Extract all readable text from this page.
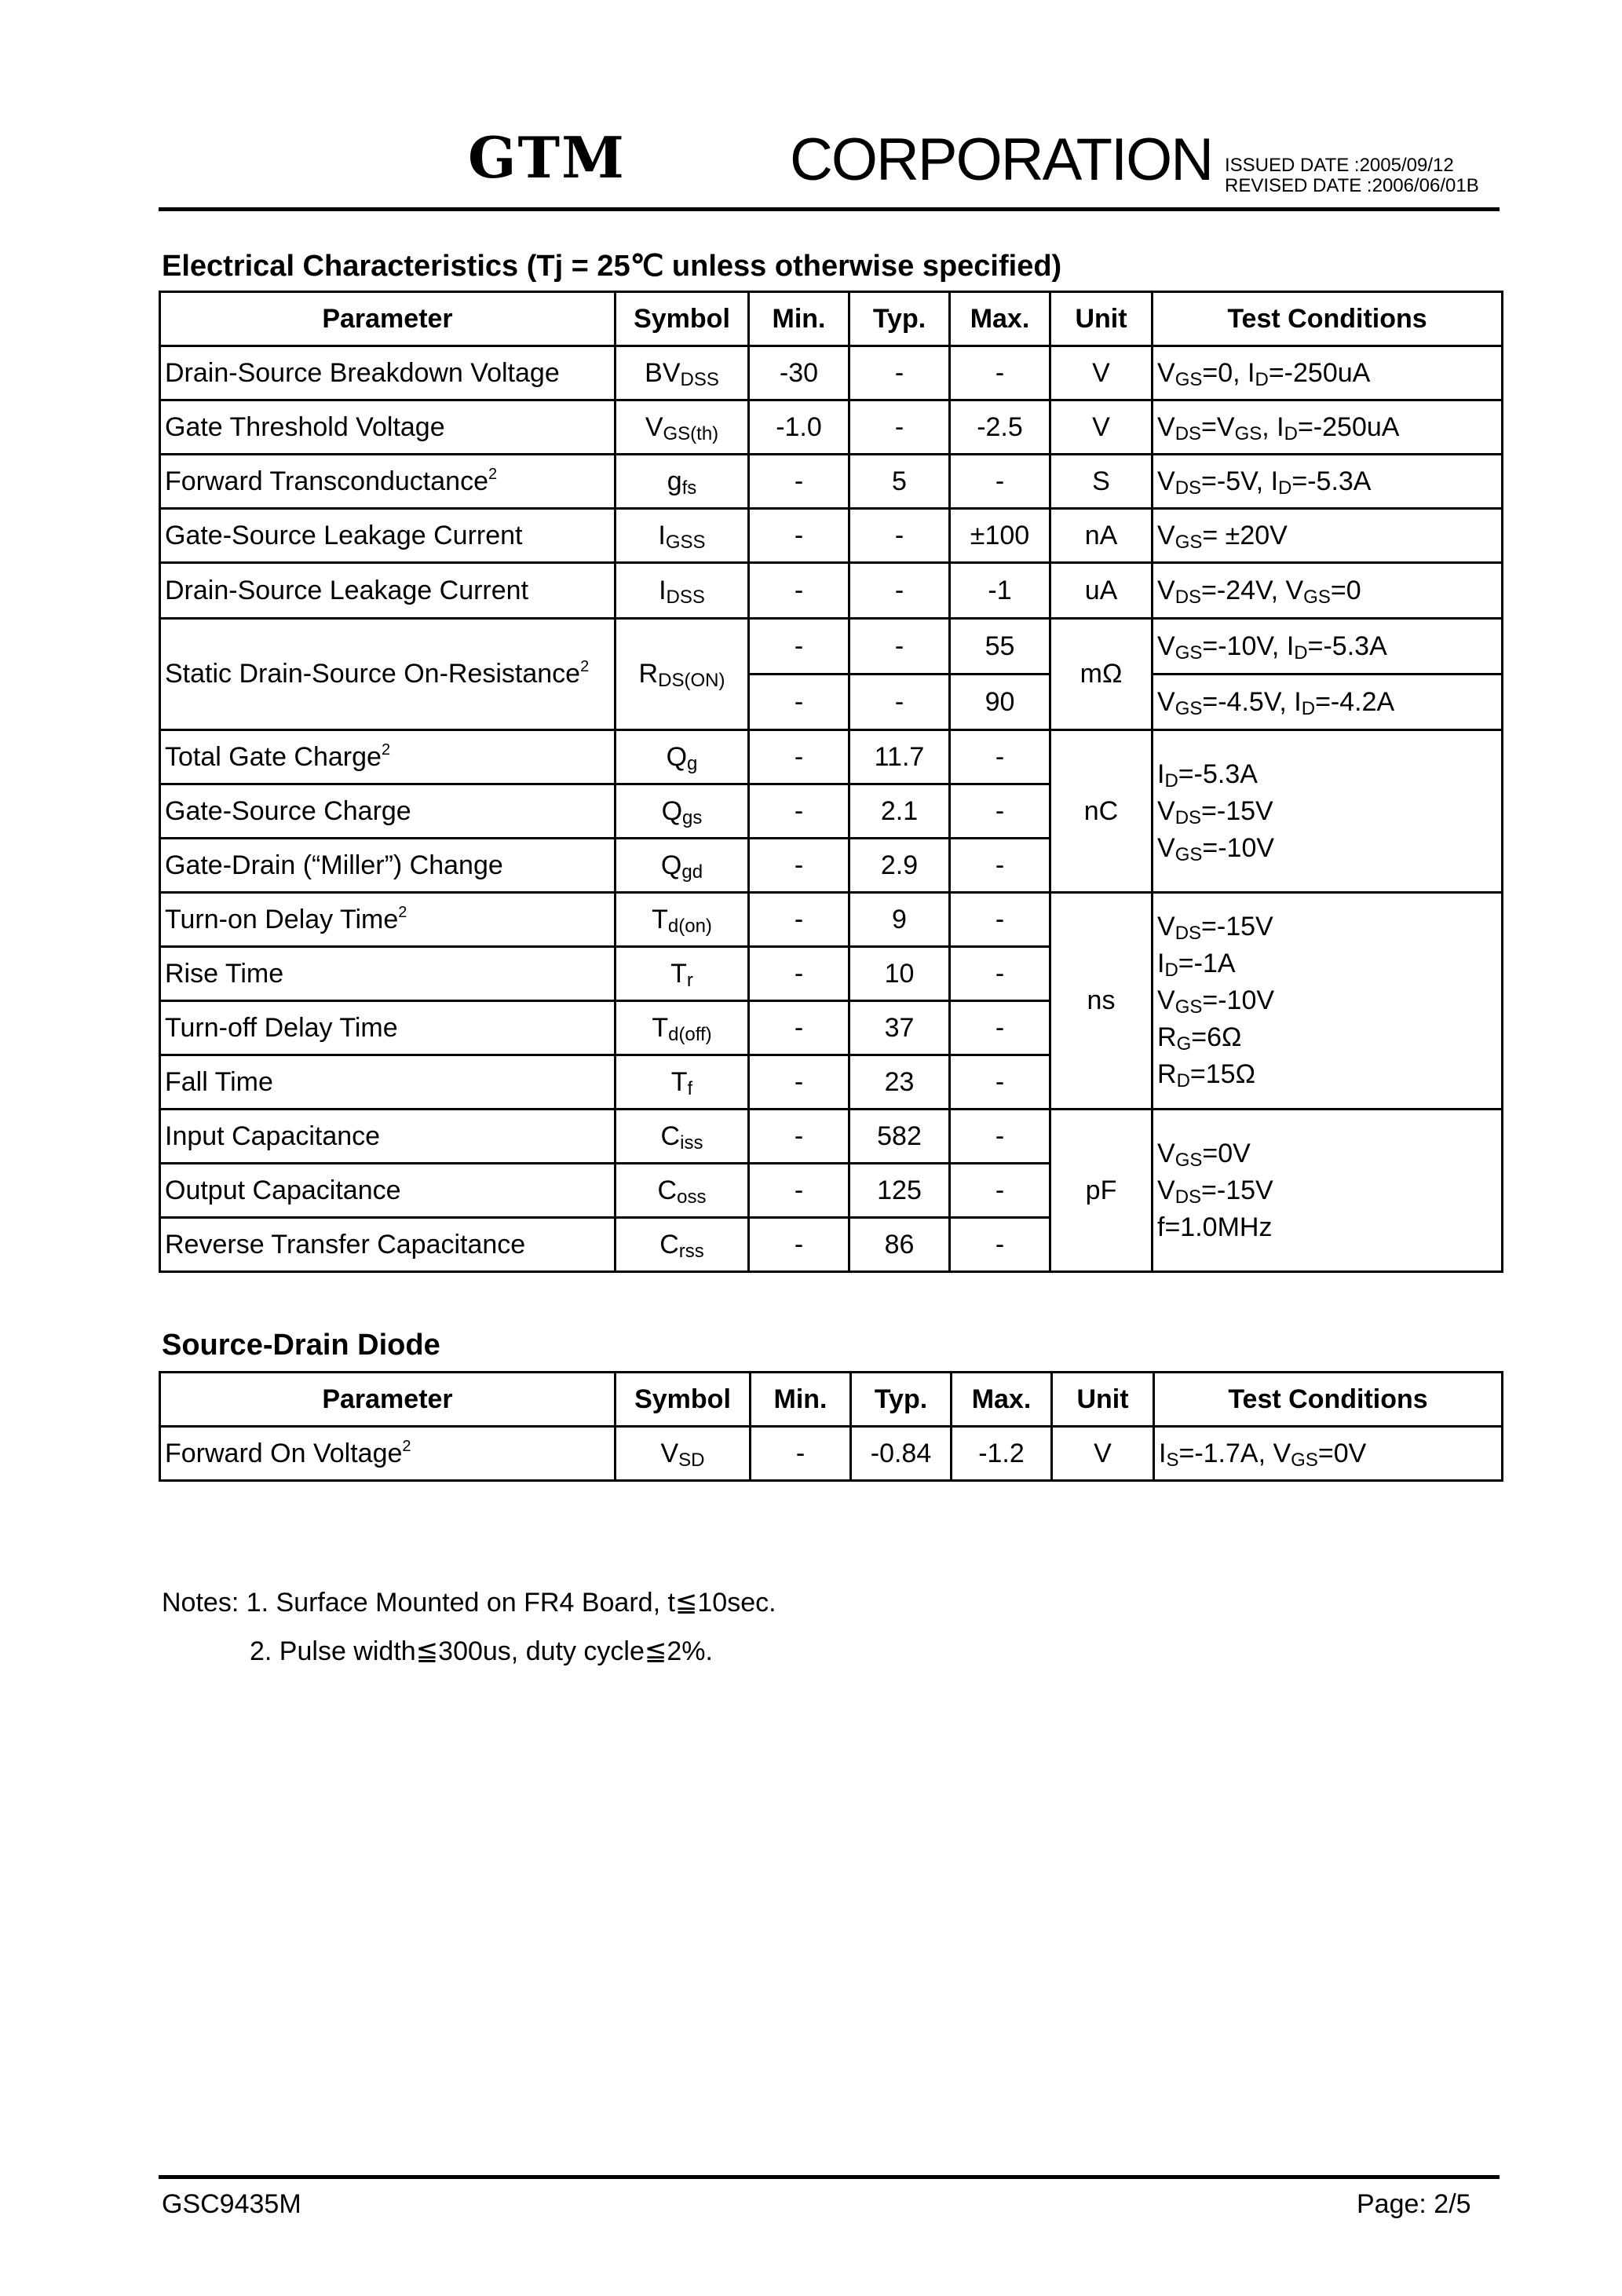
GTM	CORPORATION ISSUED DATE :2005/09/12
REVISED DATE :2006/06/01B
Electrical Characteristics (Tj = 25℃ unless otherwise specified)
Parameter	Symbol	Min.	Typ.	Max.	Unit	Test Conditions
Drain-Source Breakdown Voltage	$BV_{DSS}$	-30	-	-	V	$V_{GS}=0$, $I_D=-250uA$
Gate Threshold Voltage	$V_{GS(th)}$	-1.0	-	-2.5	V	$V_{DS}=V_{GS}$, $I_D=-250uA$
Forward Transconductance$^2$	$g_{fs}$	-	5	-	S	$V_{DS}=-5V$, $I_D=-5.3A$
Gate-Source Leakage Current	$I_{GSS}$	-	-	±100	nA	$V_{GS}= \pm 20V$
Drain-Source Leakage Current	$I_{DSS}$	-	-	-1	uA	$V_{DS}=-24V$, $V_{GS}=0$
Static Drain-Source On-Resistance$^2$	$R_{DS(ON)}$	-	-	55	mΩ	$V_{GS}=-10V$, $I_D=-5.3A$
		-	-	90		$V_{GS}=-4.5V$, $I_D=-4.2A$
Total Gate Charge$^2$	$Q_g$	-	11.7	-	nC	$I_D=-5.3A$
$V_{DS}=-15V$
$V_{GS}=-10V$
Gate-Source Charge	$Q_{gs}$	-	2.1	-		
Gate-Drain (“Miller”) Change	$Q_{gd}$	-	2.9	-		
Turn-on Delay Time$^2$	$T_{d(on)}$	-	9	-	ns	$V_{DS}=-15V$
$I_D=-1A$
$V_{GS}=-10V$
$R_G=6\Omega$
$R_D=15\Omega$
Rise Time	$T_r$	-	10	-		
Turn-off Delay Time	$T_{d(off)}$	-	37	-		
Fall Time	$T_f$	-	23	-		
Input Capacitance	$C_{iss}$	-	582	-	pF	$V_{GS}=0V$
$V_{DS}=-15V$
f=1.0MHz
Output Capacitance	$C_{oss}$	-	125	-		
Reverse Transfer Capacitance	$C_{rss}$	-	86	-		
Source-Drain Diode
Parameter	Symbol	Min.	Typ.	Max.	Unit	Test Conditions
Forward On Voltage$^2$	$V_{SD}$	-	-0.84	-1.2	V	$I_S=-1.7A$, $V_{GS}=0V$
Notes: 1. Surface Mounted on FR4 Board, t≦10sec.
2. Pulse width≦300us, duty cycle≦2%.
GSC9435M	Page: 2/5
